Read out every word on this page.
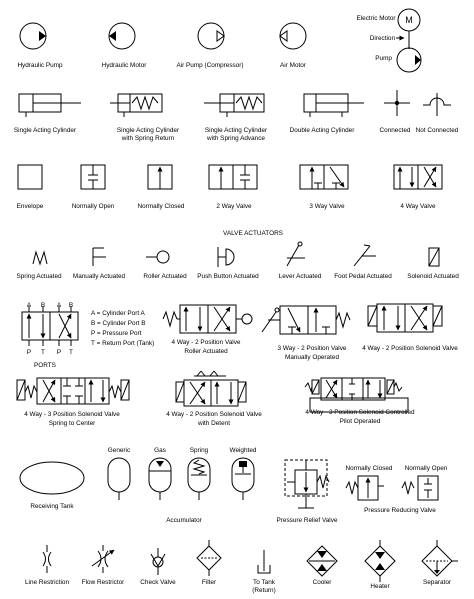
Hydraulic Pump	Hydraulic Motor	Air Pump (Compressor)	Air Motor
Electric Motor M
Direction
Pump
Single Acting Cylinder	Single Acting Cylinder
with Spring Return
Single Acting Cylinder
with Spring Advance
Double Acting Cylinder	Connected Not Connected
Envelope	Normally Open	Normally Closed	2 Way Valve	3 Way Valve	4 Way Valve
VALVE ACTUATORS
Spring Actuated Manually Actuated	Roller Actuated Push Button Actuated	Lever Actuated Foot Pedal Actuated Solenoid Actuated
A B A B
P T P T
PORTS
A = Cylinder Port A
B = Cylinder Port B
P = Pressure Port
T = Return Port (Tank)	4 Way - 2 Position Valve
Roller Actuated	3 Way - 2 Position Valve
Manually Operated
4 Way - 2 Position Solenoid Valve
4 Way - 3 Position Solenoid Valve
Spring to Center
4 Way - 2 Position Solenoid Valve
with Detent
4 Way - 3 Position Solenoid Controlled
Pilot Operated
Receiving Tank
Generic	Gas	Spring	Weighted
Accumulator	Pressure Relief Valve
Normally Closed Normally Open
Pressure Reducing Valve
Line Restriction Flow Restrictor Check Valve	Filter	To Tank
(Return)
Cooler
Heater
Separator
